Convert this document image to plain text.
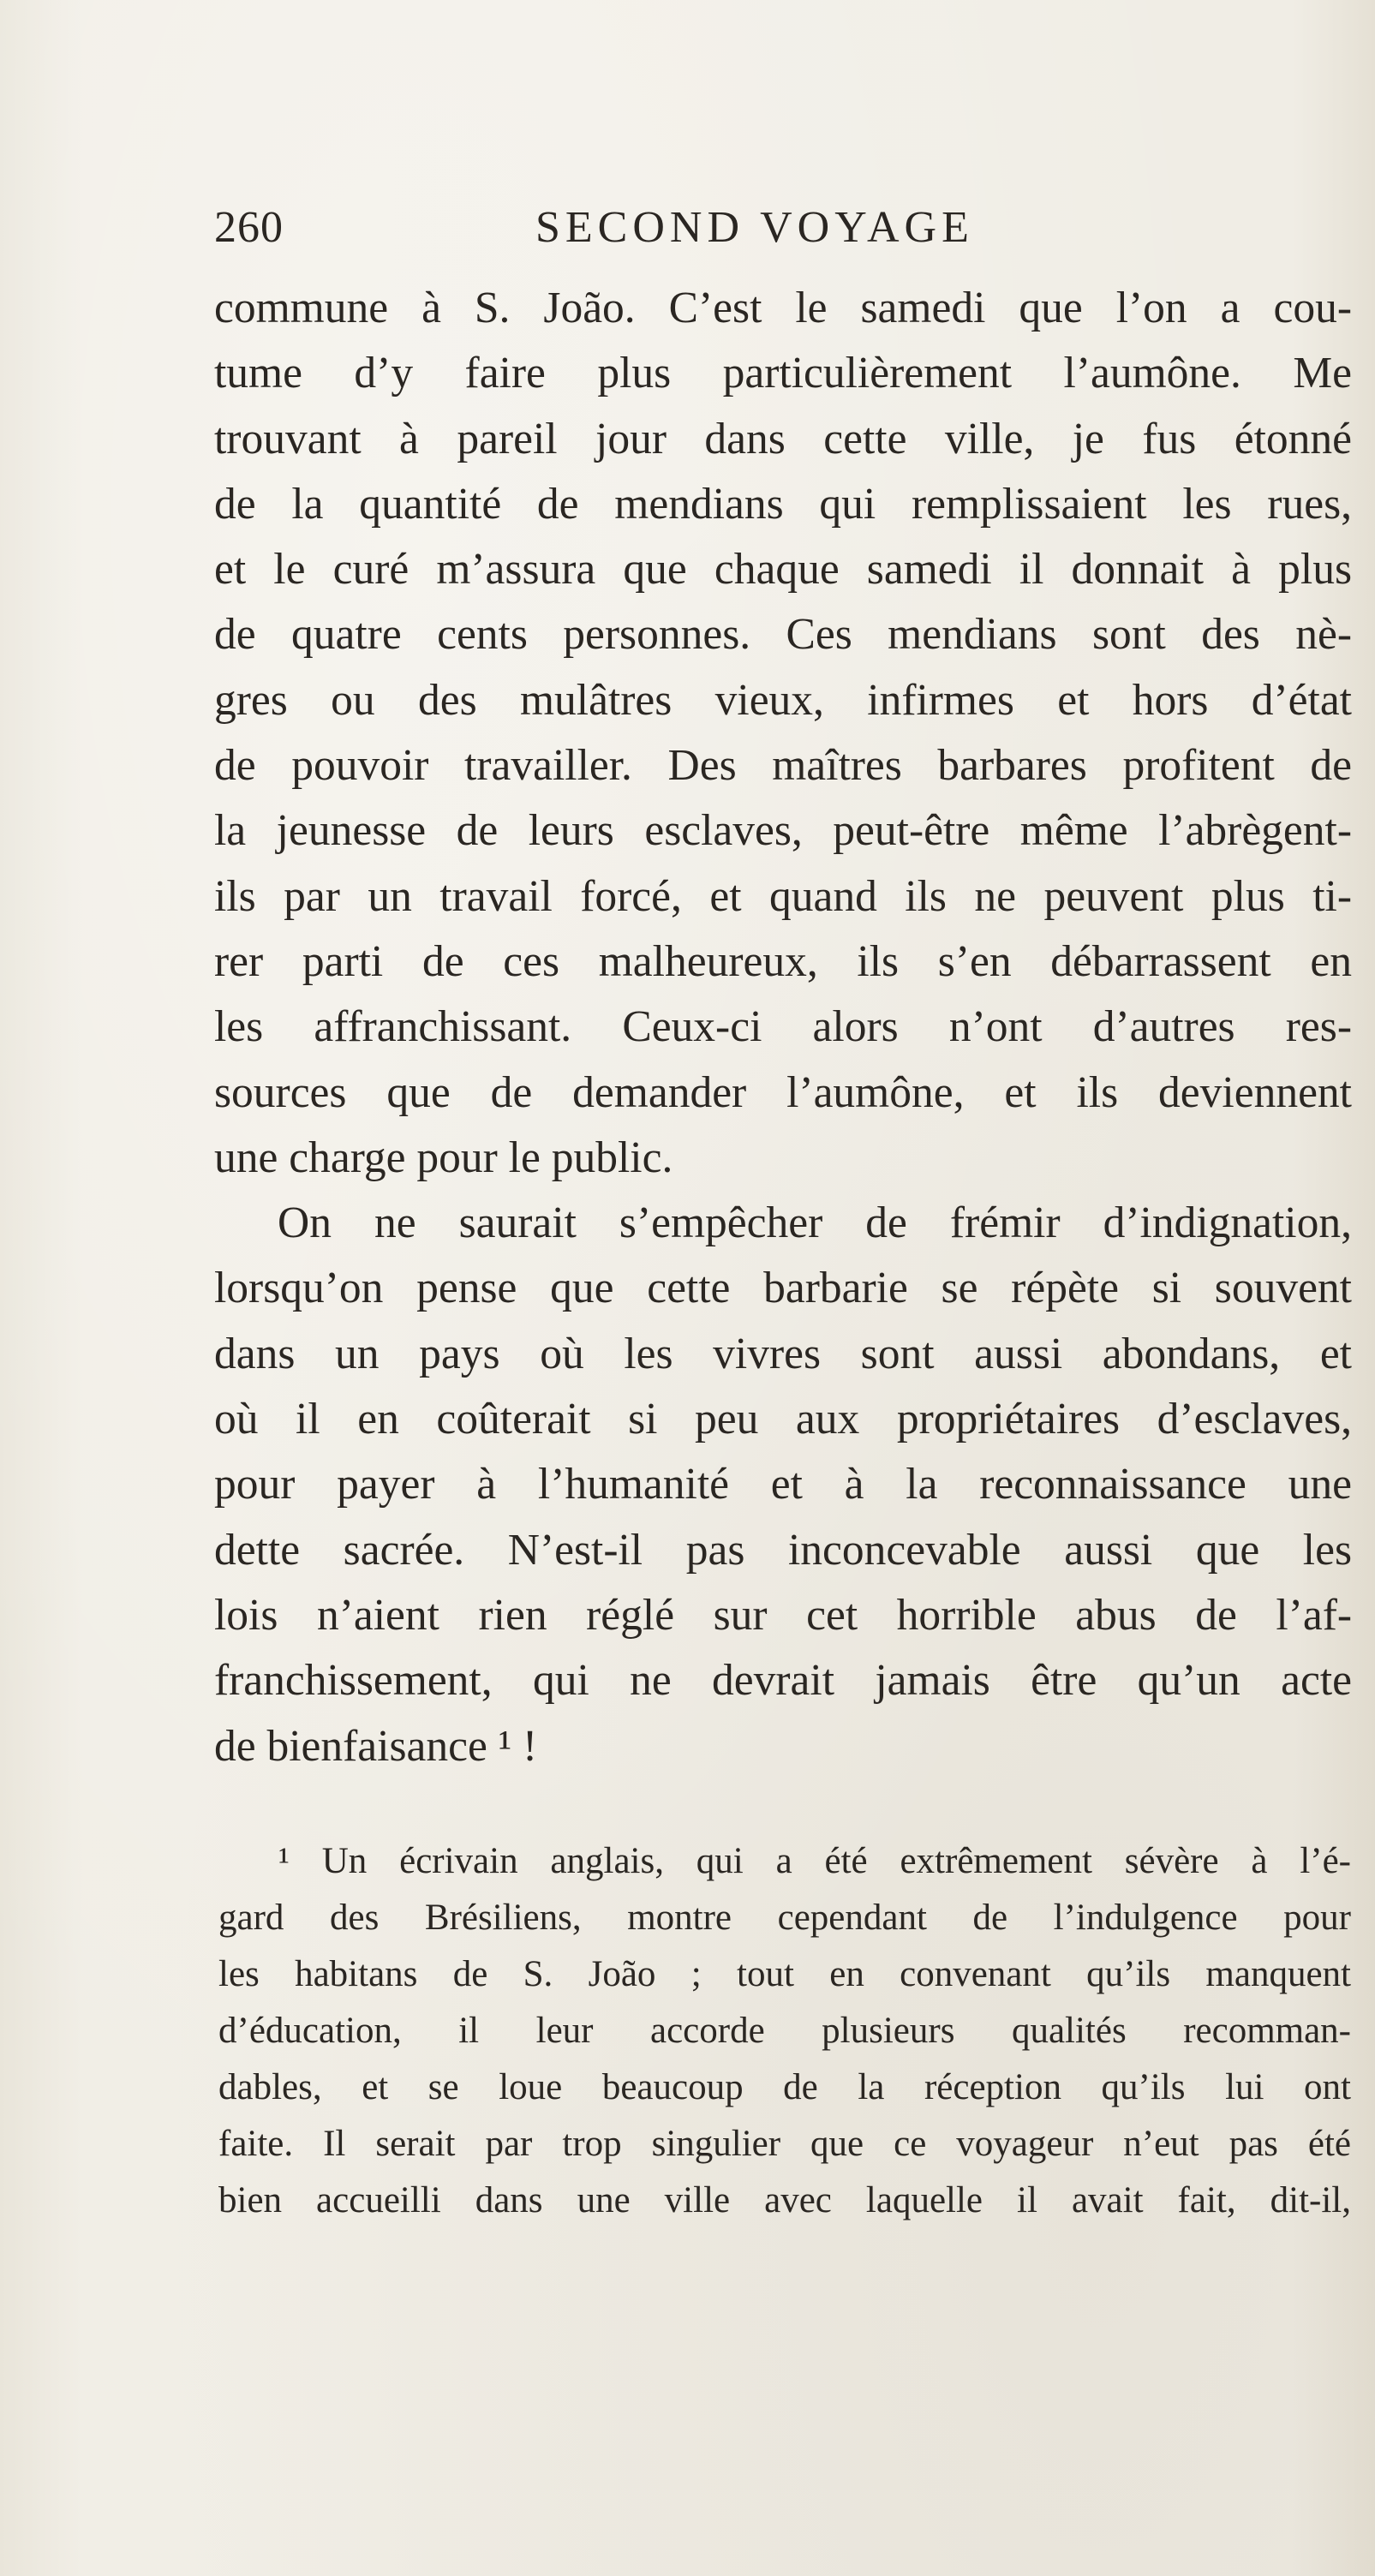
260	SECOND VOYAGE
commune à S. João. C’est le samedi que l’on a cou-
tume d’y faire plus particulièrement l’aumône. Me
trouvant à pareil jour dans cette ville, je fus étonné
de la quantité de mendians qui remplissaient les rues,
et le curé m’assura que chaque samedi il donnait à plus
de quatre cents personnes. Ces mendians sont des nè-
gres ou des mulâtres vieux, infirmes et hors d’état
de pouvoir travailler. Des maîtres barbares profitent de
la jeunesse de leurs esclaves, peut-être même l’abrègent-
ils par un travail forcé, et quand ils ne peuvent plus ti-
rer parti de ces malheureux, ils s’en débarrassent en
les affranchissant. Ceux-ci alors n’ont d’autres res-
sources que de demander l’aumône, et ils deviennent
une charge pour le public.
On ne saurait s’empêcher de frémir d’indignation,
lorsqu’on pense que cette barbarie se répète si souvent
dans un pays où les vivres sont aussi abondans, et
où il en coûterait si peu aux propriétaires d’esclaves,
pour payer à l’humanité et à la reconnaissance une
dette sacrée. N’est-il pas inconcevable aussi que les
lois n’aient rien réglé sur cet horrible abus de l’af-
franchissement, qui ne devrait jamais être qu’un acte
de bienfaisance ¹ !
¹ Un écrivain anglais, qui a été extrêmement sévère à l’é-
gard des Brésiliens, montre cependant de l’indulgence pour
les habitans de S. João ; tout en convenant qu’ils manquent
d’éducation, il leur accorde plusieurs qualités recomman-
dables, et se loue beaucoup de la réception qu’ils lui ont
faite. Il serait par trop singulier que ce voyageur n’eut pas été
bien accueilli dans une ville avec laquelle il avait fait, dit-il,
